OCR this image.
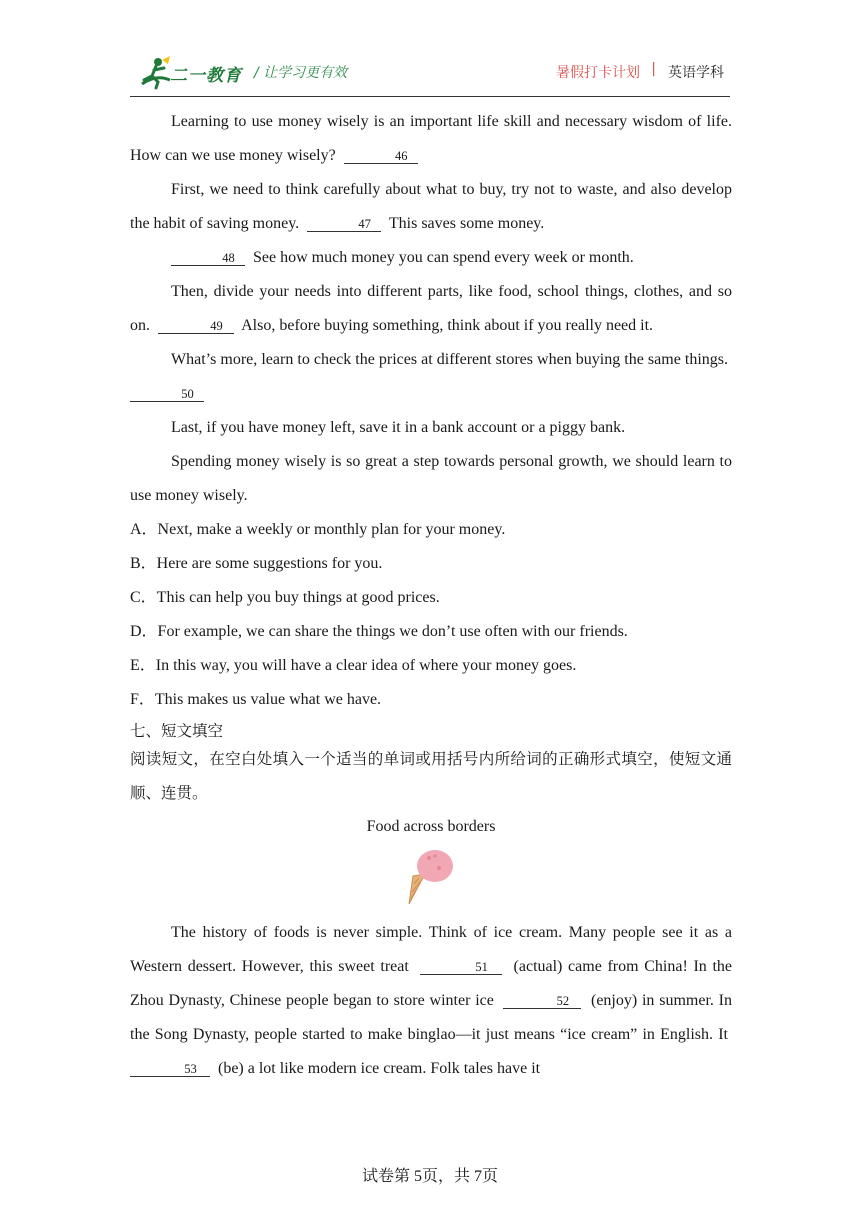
二一教育 / 让学习更有效	暑假打卡计划 | 英语学科

Learning to use money wisely is an important life skill and necessary wisdom of life. How can we use money wisely?	46

First, we need to think carefully about what to buy, try not to waste, and also develop the habit of saving money.	47 This saves some money.

48 See how much money you can spend every week or month.

Then, divide your needs into different parts, like food, school things, clothes, and so on.	49 Also, before buying something, think about if you really need it.

What’s more, learn to check the prices at different stores when buying the same things.  50

Last, if you have money left, save it in a bank account or a piggy bank.

Spending money wisely is so great a step towards personal growth, we should learn to use money wisely.

A．Next, make a weekly or monthly plan for your money.

B．Here are some suggestions for you.

C．This can help you buy things at good prices.

D．For example, we can share the things we don’t use often with our friends.

E．In this way, you will have a clear idea of where your money goes.

F．This makes us value what we have.

七、短文填空

阅读短文，在空白处填入一个适当的单词或用括号内所给词的正确形式填空，使短文通顺、连贯。

Food across borders

The history of foods is never simple. Think of ice cream. Many people see it as a Western dessert. However, this sweet treat	51 (actual) came from China! In the Zhou Dynasty, Chinese people began to store winter ice	52 (enjoy) in summer. In the Song Dynasty, people started to make binglao—it just means “ice cream” in English. It  53 (be) a lot like modern ice cream. Folk tales have it

试卷第 5页，共 7页
